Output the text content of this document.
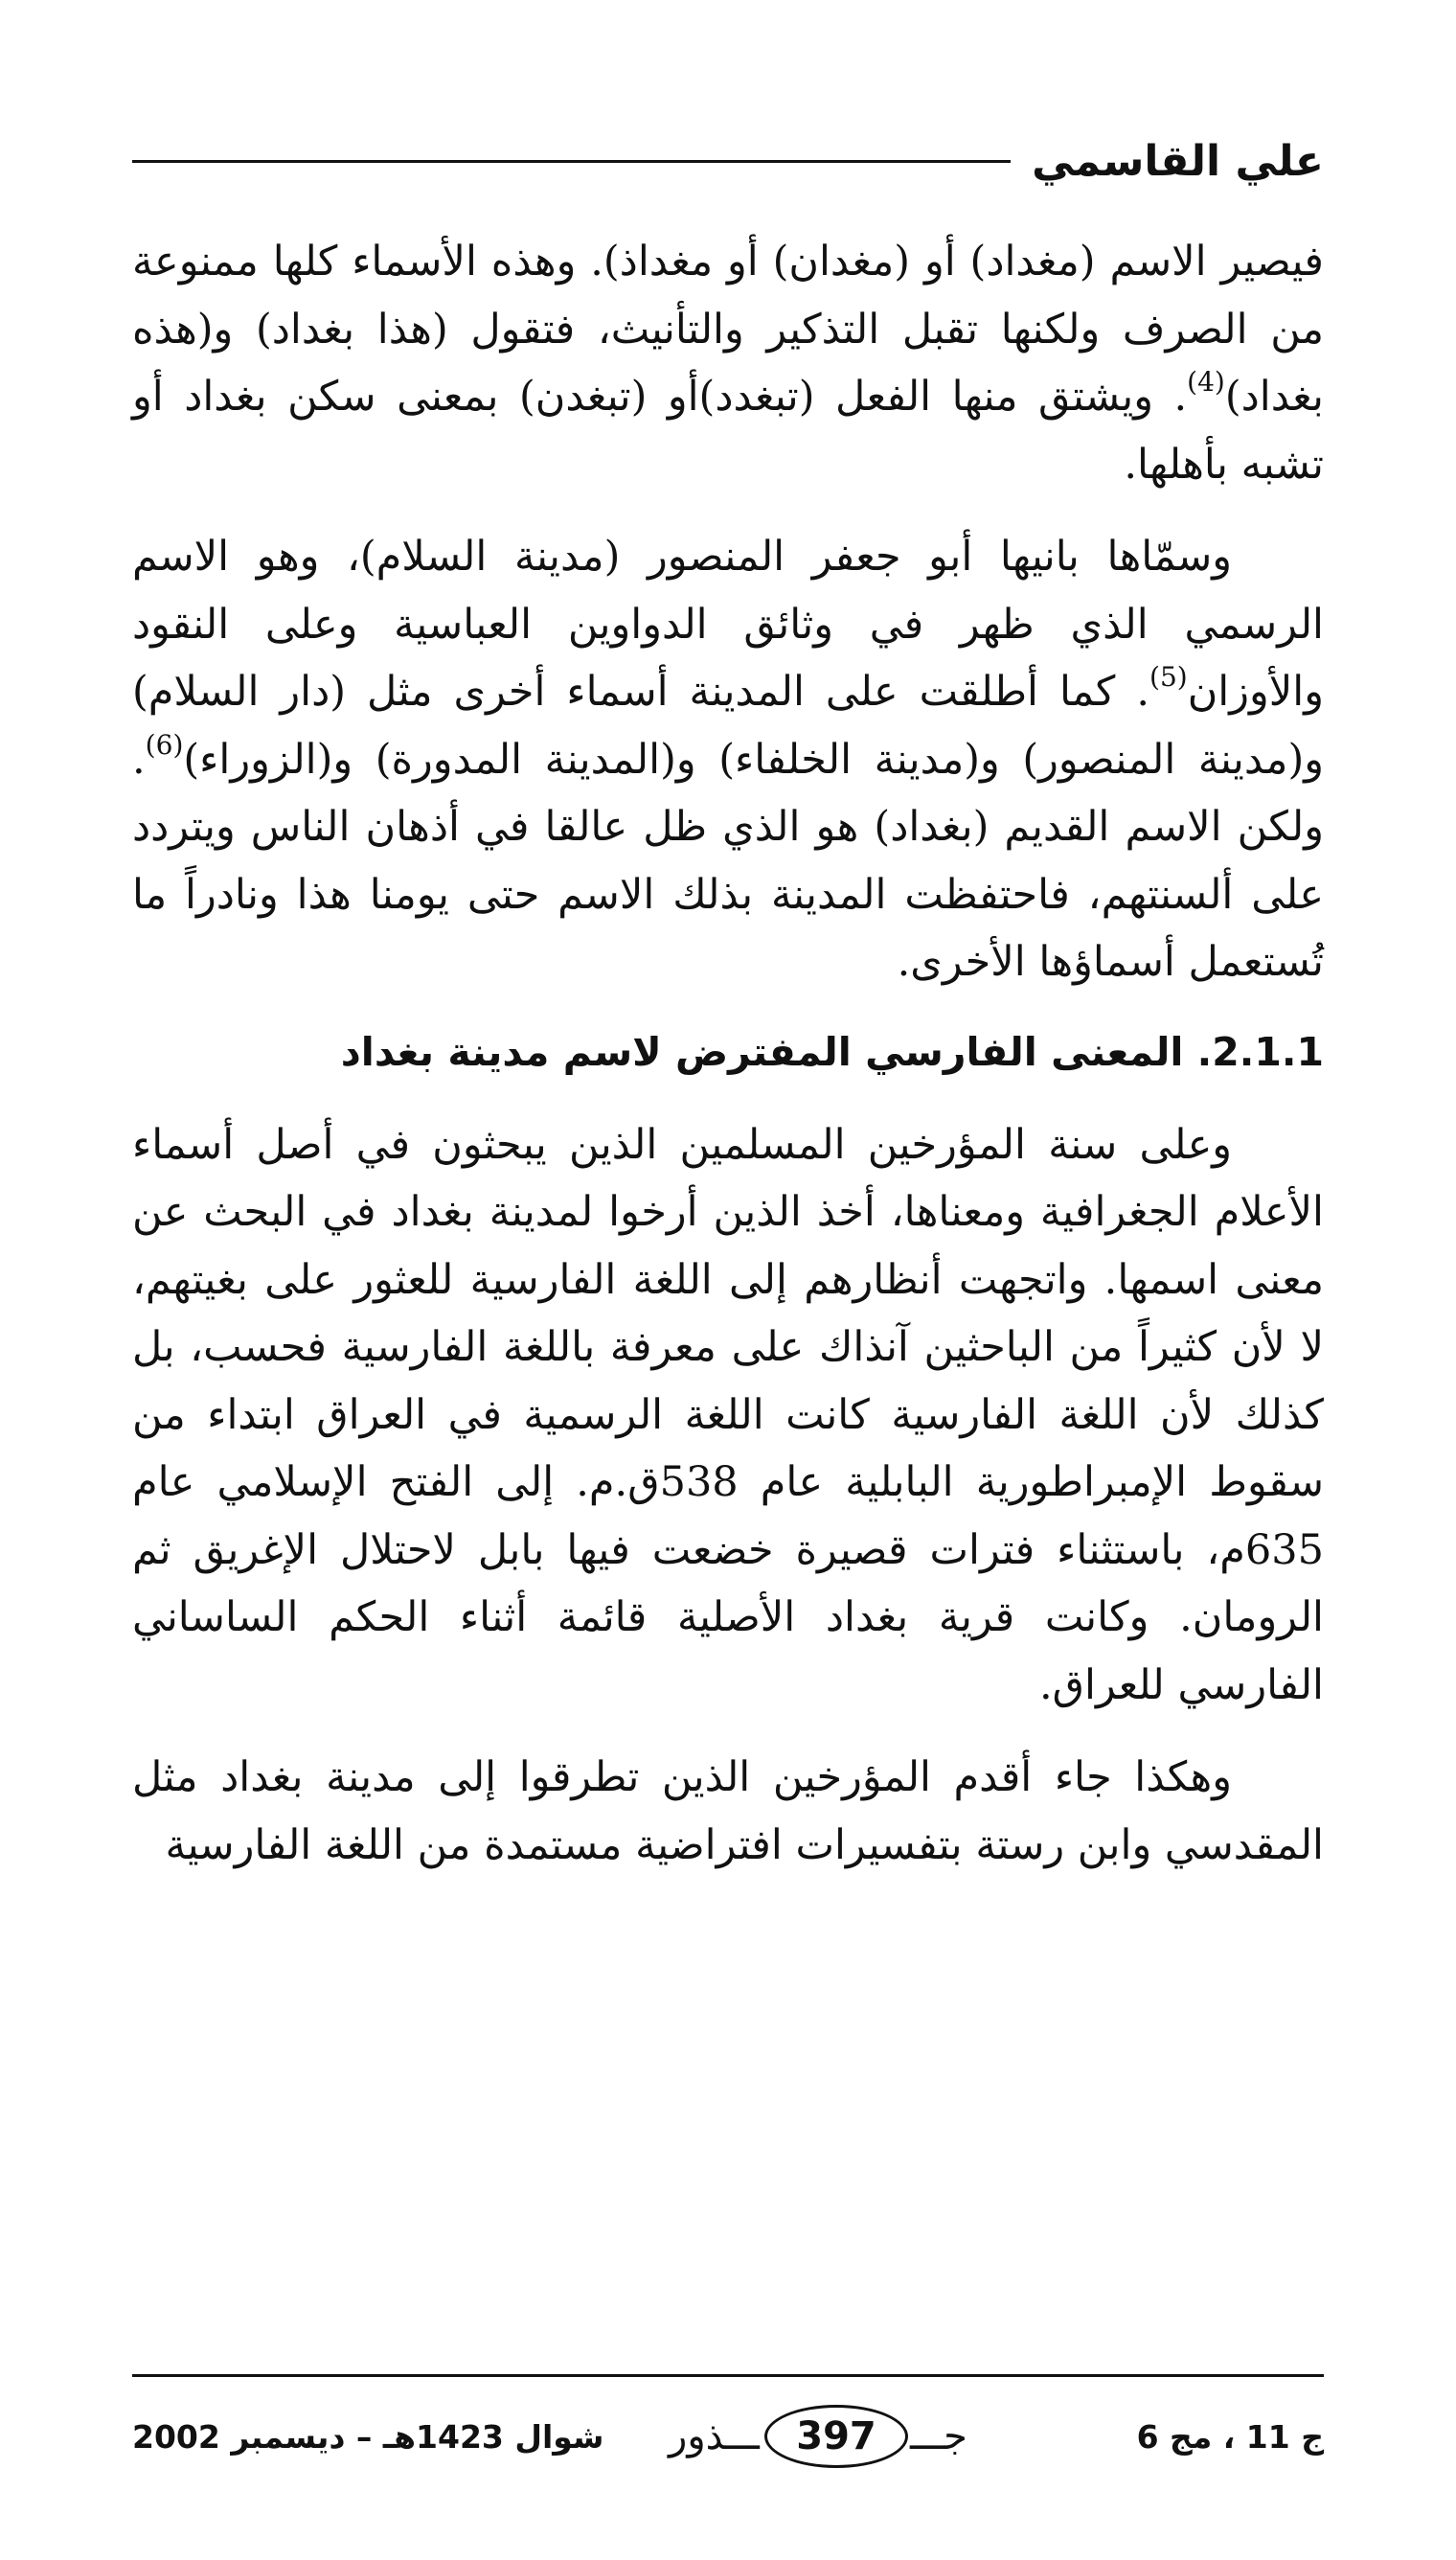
علي القاسمي

فيصير الاسم (مغداد) أو (مغدان) أو مغداذ). وهذه الأسماء كلها ممنوعة من الصرف ولكنها تقبل التذكير والتأنيث، فتقول (هذا بغداد) و(هذه بغداد)$^{(4)}$. ويشتق منها الفعل (تبغدد)أو (تبغدن) بمعنى سكن بغداد أو تشبه بأهلها.

وسمّاها بانيها أبو جعفر المنصور (مدينة السلام)، وهو الاسم الرسمي الذي ظهر في وثائق الدواوين العباسية وعلى النقود والأوزان$^{(5)}$. كما أطلقت على المدينة أسماء أخرى مثل (دار السلام) و(مدينة المنصور) و(مدينة الخلفاء) و(المدينة المدورة) و(الزوراء)$^{(6)}$. ولكن الاسم القديم (بغداد) هو الذي ظل عالقا في أذهان الناس ويتردد على ألسنتهم، فاحتفظت المدينة بذلك الاسم حتى يومنا هذا ونادراً ما تُستعمل أسماؤها الأخرى.

2.1.1. المعنى الفارسي المفترض لاسم مدينة بغداد

وعلى سنة المؤرخين المسلمين الذين يبحثون في أصل أسماء الأعلام الجغرافية ومعناها، أخذ الذين أرخوا لمدينة بغداد في البحث عن معنى اسمها. واتجهت أنظارهم إلى اللغة الفارسية للعثور على بغيتهم، لا لأن كثيراً من الباحثين آنذاك على معرفة باللغة الفارسية فحسب، بل كذلك لأن اللغة الفارسية كانت اللغة الرسمية في العراق ابتداء من سقوط الإمبراطورية البابلية عام 538ق.م. إلى الفتح الإسلامي عام 635م، باستثناء فترات قصيرة خضعت فيها بابل لاحتلال الإغريق ثم الرومان. وكانت قرية بغداد الأصلية قائمة أثناء الحكم الساساني الفارسي للعراق.

وهكذا جاء أقدم المؤرخين الذين تطرقوا إلى مدينة بغداد مثل المقدسي وابن رستة بتفسيرات افتراضية مستمدة من اللغة الفارسية

ج 11 ، مج 6
ـــذور 397 جـــ
شوال 1423هـ – ديسمبر 2002
